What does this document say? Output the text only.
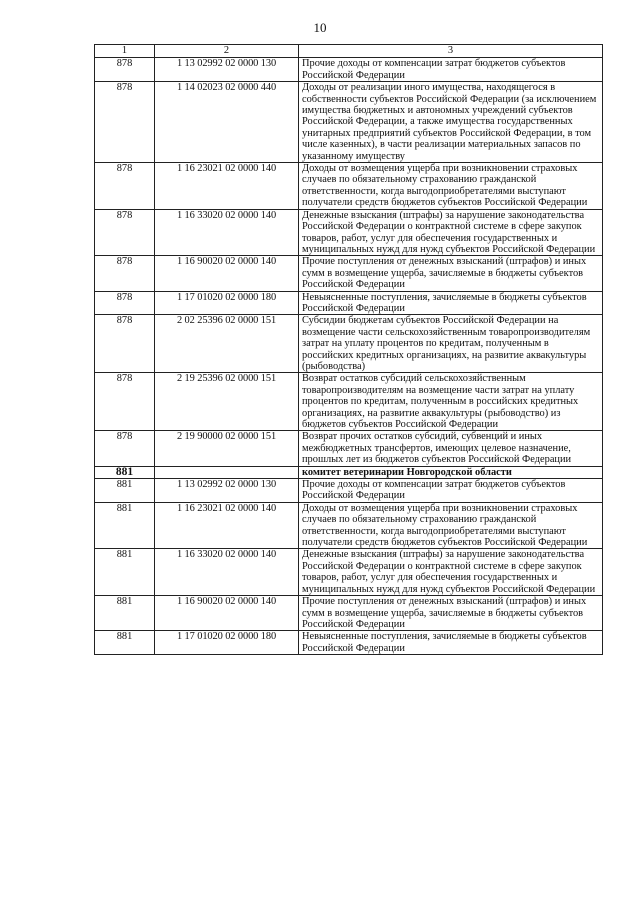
10
1	2	3
878	1 13 02992 02 0000 130	Прочие доходы от компенсации затрат бюджетов субъектов Российской Федерации
878	1 14 02023 02 0000 440	Доходы от реализации иного имущества, находящегося в собственности субъектов Российской Федерации (за исключением имущества бюджетных и автономных учреждений субъектов Российской Федерации, а также имущества государственных унитарных предприятий субъектов Российской Федерации, в том числе казенных), в части реализации материальных запасов по указанному имуществу
878	1 16 23021 02 0000 140	Доходы от возмещения ущерба при возникновении страховых случаев по обязательному страхованию гражданской ответственности, когда выгодоприобретателями выступают получатели средств бюджетов субъектов Российской Федерации
878	1 16 33020 02 0000 140	Денежные взыскания (штрафы) за нарушение законодательства Российской Федерации о контрактной системе в сфере закупок товаров, работ, услуг для обеспечения государственных и муниципальных нужд для нужд субъектов Российской Федерации
878	1 16 90020 02 0000 140	Прочие поступления от денежных взысканий (штрафов) и иных сумм в возмещение ущерба, зачисляемые в бюджеты субъектов Российской Федерации
878	1 17 01020 02 0000 180	Невыясненные поступления, зачисляемые в бюджеты субъектов Российской Федерации
878	2 02 25396 02 0000 151	Субсидии бюджетам субъектов Российской Федерации на возмещение части сельскохозяйственным товаропроизводителям затрат на уплату процентов по кредитам, полученным в российских кредитных организациях, на развитие аквакультуры (рыбоводства)
878	2 19 25396 02 0000 151	Возврат остатков субсидий сельскохозяйственным товаропроизводителям на возмещение части затрат на уплату процентов по кредитам, полученным в российских кредитных организациях, на развитие аквакультуры (рыбоводство) из бюджетов субъектов Российской Федерации
878	2 19 90000 02 0000 151	Возврат прочих остатков субсидий, субвенций и иных межбюджетных трансфертов, имеющих целевое назначение, прошлых лет из бюджетов субъектов Российской Федерации
881		комитет ветеринарии Новгородской области
881	1 13 02992 02 0000 130	Прочие доходы от компенсации затрат бюджетов субъектов Российской Федерации
881	1 16 23021 02 0000 140	Доходы от возмещения ущерба при возникновении страховых случаев по обязательному страхованию гражданской ответственности, когда выгодоприобретателями выступают получатели средств бюджетов субъектов Российской Федерации
881	1 16 33020 02 0000 140	Денежные взыскания (штрафы) за нарушение законодательства Российской Федерации о контрактной системе в сфере закупок товаров, работ, услуг для обеспечения государственных и муниципальных нужд для нужд субъектов Российской Федерации
881	1 16 90020 02 0000 140	Прочие поступления от денежных взысканий (штрафов) и иных сумм в возмещение ущерба, зачисляемые в бюджеты субъектов Российской Федерации
881	1 17 01020 02 0000 180	Невыясненные поступления, зачисляемые в бюджеты субъектов Российской Федерации
